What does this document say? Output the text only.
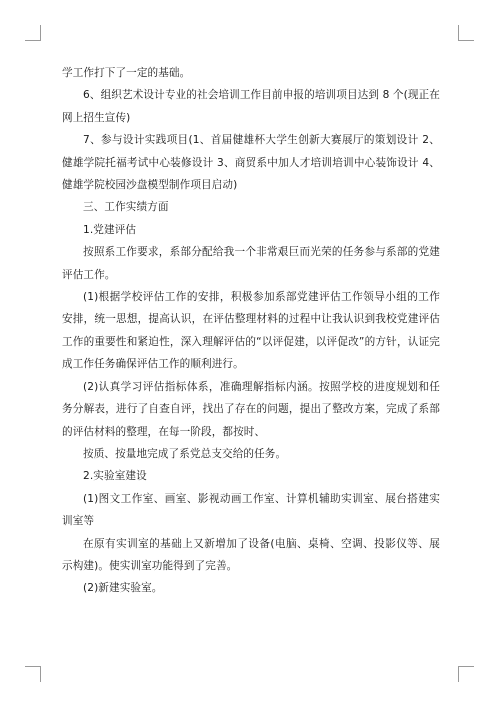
学工作打下了一定的基础。

6、组织艺术设计专业的社会培训工作目前申报的培训项目达到 8 个(现正在网上招生宣传)

7、参与设计实践项目(1、首届健雄杯大学生创新大赛展厅的策划设计 2、健雄学院托福考试中心装修设计 3、商贸系中加人才培训培训中心装饰设计 4、健雄学院校园沙盘模型制作项目启动)

三、工作实绩方面

1.党建评估

按照系工作要求，系部分配给我一个非常艰巨而光荣的任务参与系部的党建评估工作。

(1)根据学校评估工作的安排，积极参加系部党建评估工作领导小组的工作安排，统一思想，提高认识，在评估整理材料的过程中让我认识到我校党建评估工作的重要性和紧迫性，深入理解评估的“以评促建，以评促改”的方针，认证完成工作任务确保评估工作的顺利进行。

(2)认真学习评估指标体系，准确理解指标内涵。按照学校的进度规划和任务分解表，进行了自查自评，找出了存在的问题，提出了整改方案，完成了系部的评估材料的整理，在每一阶段，都按时、

按质、按量地完成了系党总支交给的任务。

2.实验室建设

(1)图文工作室、画室、影视动画工作室、计算机辅助实训室、展台搭建实训室等

在原有实训室的基础上又新增加了设备(电脑、桌椅、空调、投影仪等、展示构建)。使实训室功能得到了完善。

(2)新建实验室。
